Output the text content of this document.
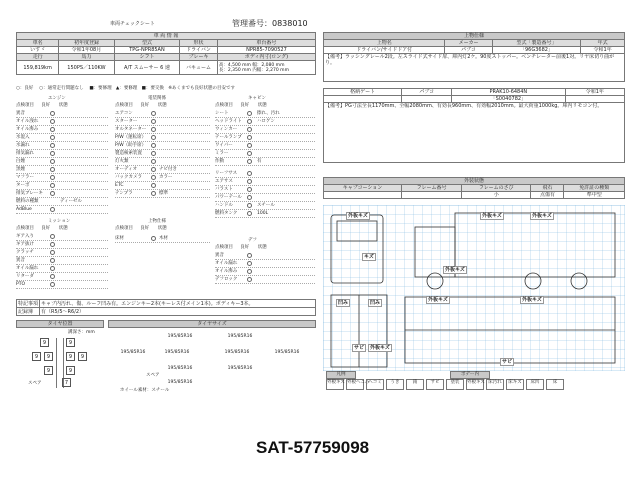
車両チェックシート	管理番号：0838010
車 両 情 報				
車名	初年度登録	型式	形状	車台番号
いすゞ	令和1年08月	TPG-NPR85AN	ドライバン	NPR85-7090527
走行	馬力	シフト	ブレーキ	ボディ内寸(ロング)
159,819km	150PS／110KW	A/T スムーサー 6 速	バキューム	高：4,500 mm 幅：2,080 mm
長：2,350 mm 内幅：2,270 mm
○：良好 ○：通常走行問題なし ■：要修理 ▲：要修理 ■：要交換 ※あくまでも良好状態の目安です
エンジン
点検項目 良好 状態
異音
オイル洩れ
オイル滲み
水混入
水漏れ
排気漏れ
白煙
黒煙
マフラー
ターボ
排気ブレーキ
燃料の種類	ディーゼル
AdBlue
ミッション
点検項目 良好 状態
ギア入り
ギア抜け
クラッチ
異音
オイル漏れ
リターダ
PTO
電装関係
点検項目 良好 状態
エアコン
スターター
オルタネーター
P/W（運転席）
P/W（助手席）
製造検索装置
灯火類
オーディオ	ナビ付き
バックカメラ	カラー
ETC
テンプラ	標準
上物仕様
点検項目 良好 状態
床材	木材
キャビン
点検項目 良好 状態
シート	擦れ、汚れ
ヘッドライト	ハロゲン
ウィンカー
テールランプ
ワイパー
ミラー
作動	有
リーフサス
エアサス
バラスト
パワーテール
ハンドル	スチール
燃料タンク	100L
デフ
点検項目 良好 状態
異音
オイル漏れ
オイル滲み
デフロック
特記事項	キャブ内汚れ、傷、ルーフ凹み有。エンジンキー2本(キーレス付メイン1本)。ボディキー3本。
記録簿	有（R5/5～R6/2）
タイヤ位置	タイヤサイズ
溝深さ：mm
9	9
9	9	9	9
9	9
スペア	7
195/85R16	195/85R16
195/85R16	195/85R16	195/85R16	195/85R16
195/85R16	195/85R16
スペア
195/85R16
ホイール素材：スチール
上物仕様
上物名	メーカー	型式「製造番号」	年式
ドライバン/サイドドア付	パブコ	「96G3682」	令和1年
【備考】ラッシングレール2段。左スライド式サイド扉、庫内灯2ケ。90度ストッパー。ベンチレーター前後1対。リヤ床切り曲がり。			
格納ゲート	パブコ	PRAK10-6484N	令和1年
		「S0040782」	
【備考】PG寸法全長1170mm、全幅2080mm、有効長960mm、有効幅2010mm。最大荷重1000kg。庫内リモコン付。			
外装状態
キャブコーション	フレーム番号	フレームのさび	飛石	免許証の種類
		小	点傷有	準中型
外板キズ	外板キズ	外板キズ
キズ
外板キズ
凹み	凹み	外板キズ	外板キズ
サビ	外板キズ
サビ
凡例	ボデー内
外板キズ 外板へこみ
ヘコミ	うき	錆	サビ	塗装	外板キズ 床汚れ	床キズ	床凹	床
SAT-57759098
